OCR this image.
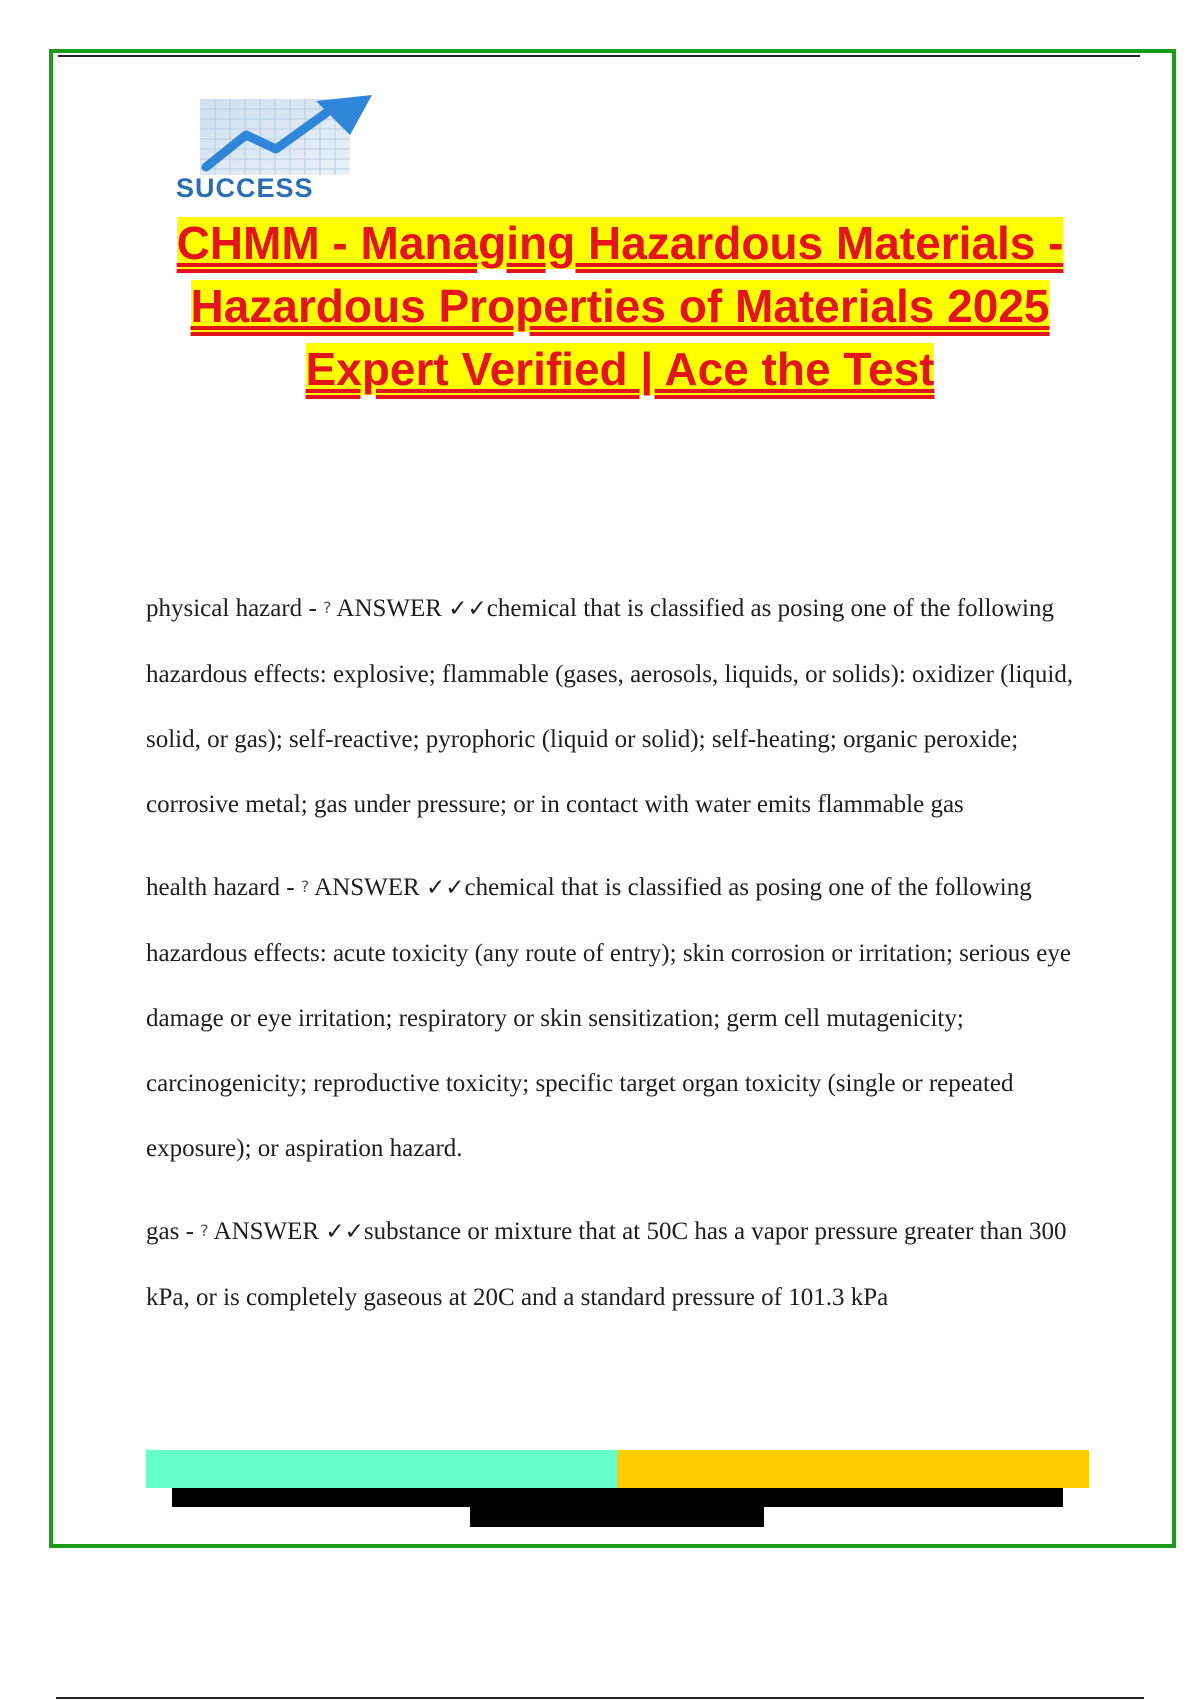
SUCCESS
CHMM - Managing Hazardous Materials -
Hazardous Properties of Materials 2025
Expert Verified | Ace the Test

physical hazard - ? ANSWER ✓✓chemical that is classified as posing one of the following hazardous effects: explosive; flammable (gases, aerosols, liquids, or solids): oxidizer (liquid, solid, or gas); self-reactive; pyrophoric (liquid or solid); self-heating; organic peroxide; corrosive metal; gas under pressure; or in contact with water emits flammable gas

health hazard - ? ANSWER ✓✓chemical that is classified as posing one of the following hazardous effects: acute toxicity (any route of entry); skin corrosion or irritation; serious eye damage or eye irritation; respiratory or skin sensitization; germ cell mutagenicity; carcinogenicity; reproductive toxicity; specific target organ toxicity (single or repeated exposure); or aspiration hazard.

gas - ? ANSWER ✓✓substance or mixture that at 50C has a vapor pressure greater than 300 kPa, or is completely gaseous at 20C and a standard pressure of 101.3 kPa
